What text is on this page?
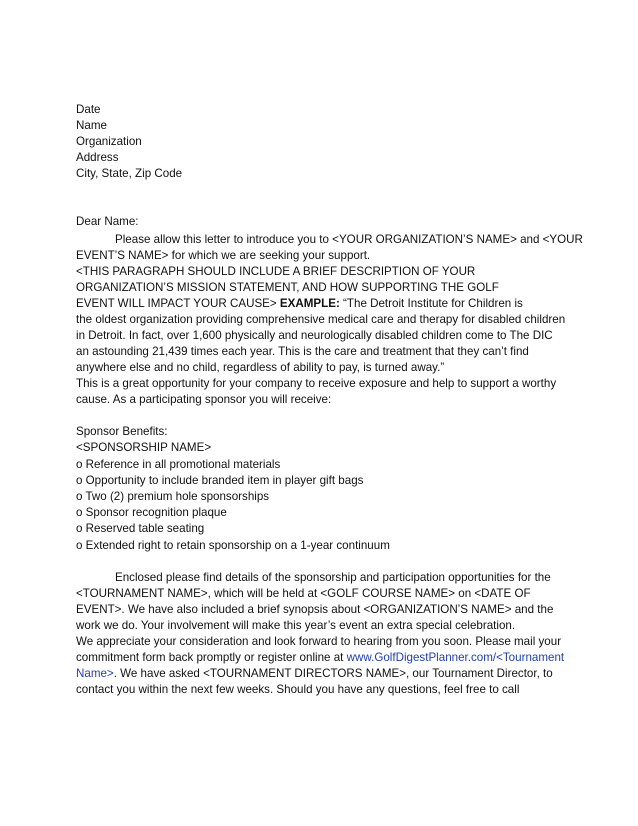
Date
Name
Organization
Address
City, State, Zip Code
Dear Name:
Please allow this letter to introduce you to <YOUR ORGANIZATION’S NAME> and <YOUR
EVENT’S NAME> for which we are seeking your support.
<THIS PARAGRAPH SHOULD INCLUDE A BRIEF DESCRIPTION OF YOUR
ORGANIZATION’S MISSION STATEMENT, AND HOW SUPPORTING THE GOLF
EVENT WILL IMPACT YOUR CAUSE> EXAMPLE: “The Detroit Institute for Children is
the oldest organization providing comprehensive medical care and therapy for disabled children
in Detroit. In fact, over 1,600 physically and neurologically disabled children come to The DIC
an astounding 21,439 times each year. This is the care and treatment that they can’t find
anywhere else and no child, regardless of ability to pay, is turned away.”
This is a great opportunity for your company to receive exposure and help to support a worthy
cause. As a participating sponsor you will receive:
Sponsor Benefits:
<SPONSORSHIP NAME>
o Reference in all promotional materials
o Opportunity to include branded item in player gift bags
o Two (2) premium hole sponsorships
o Sponsor recognition plaque
o Reserved table seating
o Extended right to retain sponsorship on a 1-year continuum
Enclosed please find details of the sponsorship and participation opportunities for the
<TOURNAMENT NAME>, which will be held at <GOLF COURSE NAME> on <DATE OF
EVENT>. We have also included a brief synopsis about <ORGANIZATION’S NAME> and the
work we do. Your involvement will make this year’s event an extra special celebration.
We appreciate your consideration and look forward to hearing from you soon. Please mail your
commitment form back promptly or register online at www.GolfDigestPlanner.com/<Tournament
Name>. We have asked <TOURNAMENT DIRECTORS NAME>, our Tournament Director, to
contact you within the next few weeks. Should you have any questions, feel free to call
